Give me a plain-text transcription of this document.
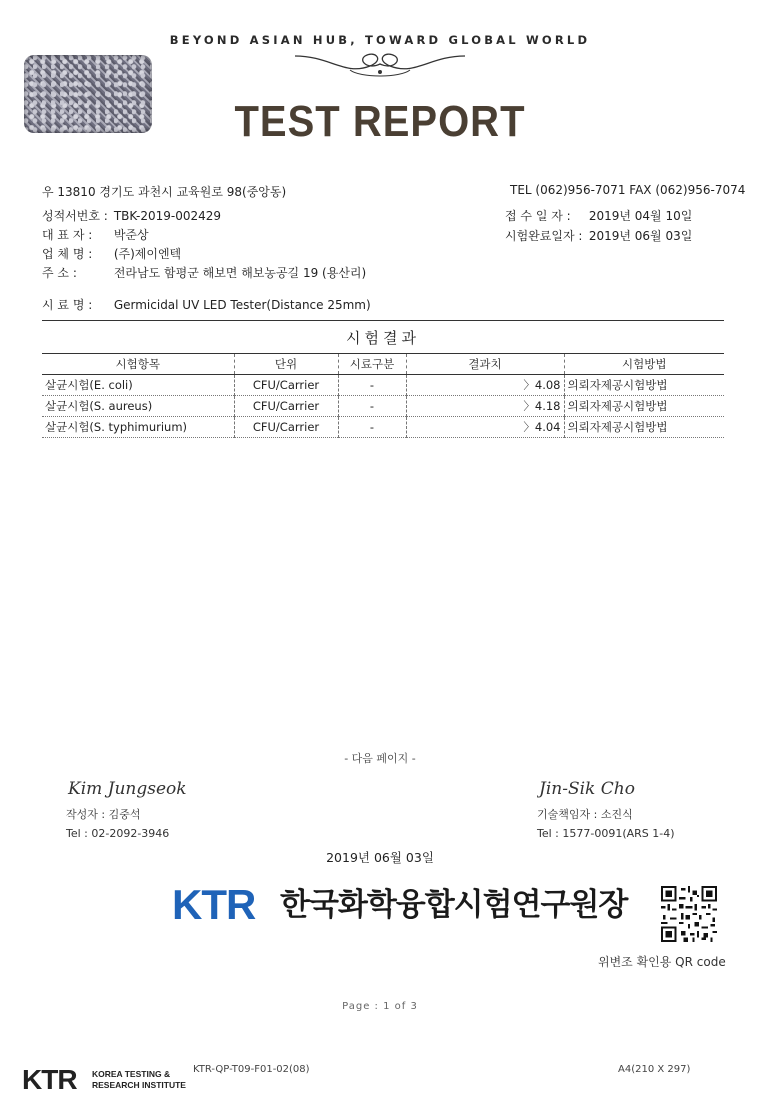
BEYOND ASIAN HUB, TOWARD GLOBAL WORLD
TEST REPORT
우 13810 경기도 과천시 교육원로 98(중앙동)	TEL (062)956-7071 FAX (062)956-7074
성적서번호 : TBK-2019-002429
대 표 자 : 박준상
업 체 명 : (주)제이엔텍
주 소 :	전라남도 함평군 해보면 해보농공길 19 (용산리)
접 수 일 자 : 2019년 04월 10일
시험완료일자 : 2019년 06월 03일
시 료 명 : Germicidal UV LED Tester(Distance 25mm)
시험결과
시험항목	단위	시료구분	결과치	시험방법
살균시험(E. coli)	CFU/Carrier	-	〉4.08	의뢰자제공시험방법
살균시험(S. aureus)	CFU/Carrier	-	〉4.18	의뢰자제공시험방법
살균시험(S. typhimurium)	CFU/Carrier	-	〉4.04	의뢰자제공시험방법
- 다음 페이지 -
Kim Jungseok
작성자 : 김중석
Tel : 02-2092-3946
Jin-Sik Cho
기술책임자 : 소진식
Tel : 1577-0091(ARS 1-4)
2019년 06월 03일
KTR 한국화학융합시험연구원장
위변조 확인용 QR code
Page : 1 of 3
KTR KOREA TESTING &
RESEARCH INSTITUTE
KTR-QP-T09-F01-02(08)	A4(210 X 297)
